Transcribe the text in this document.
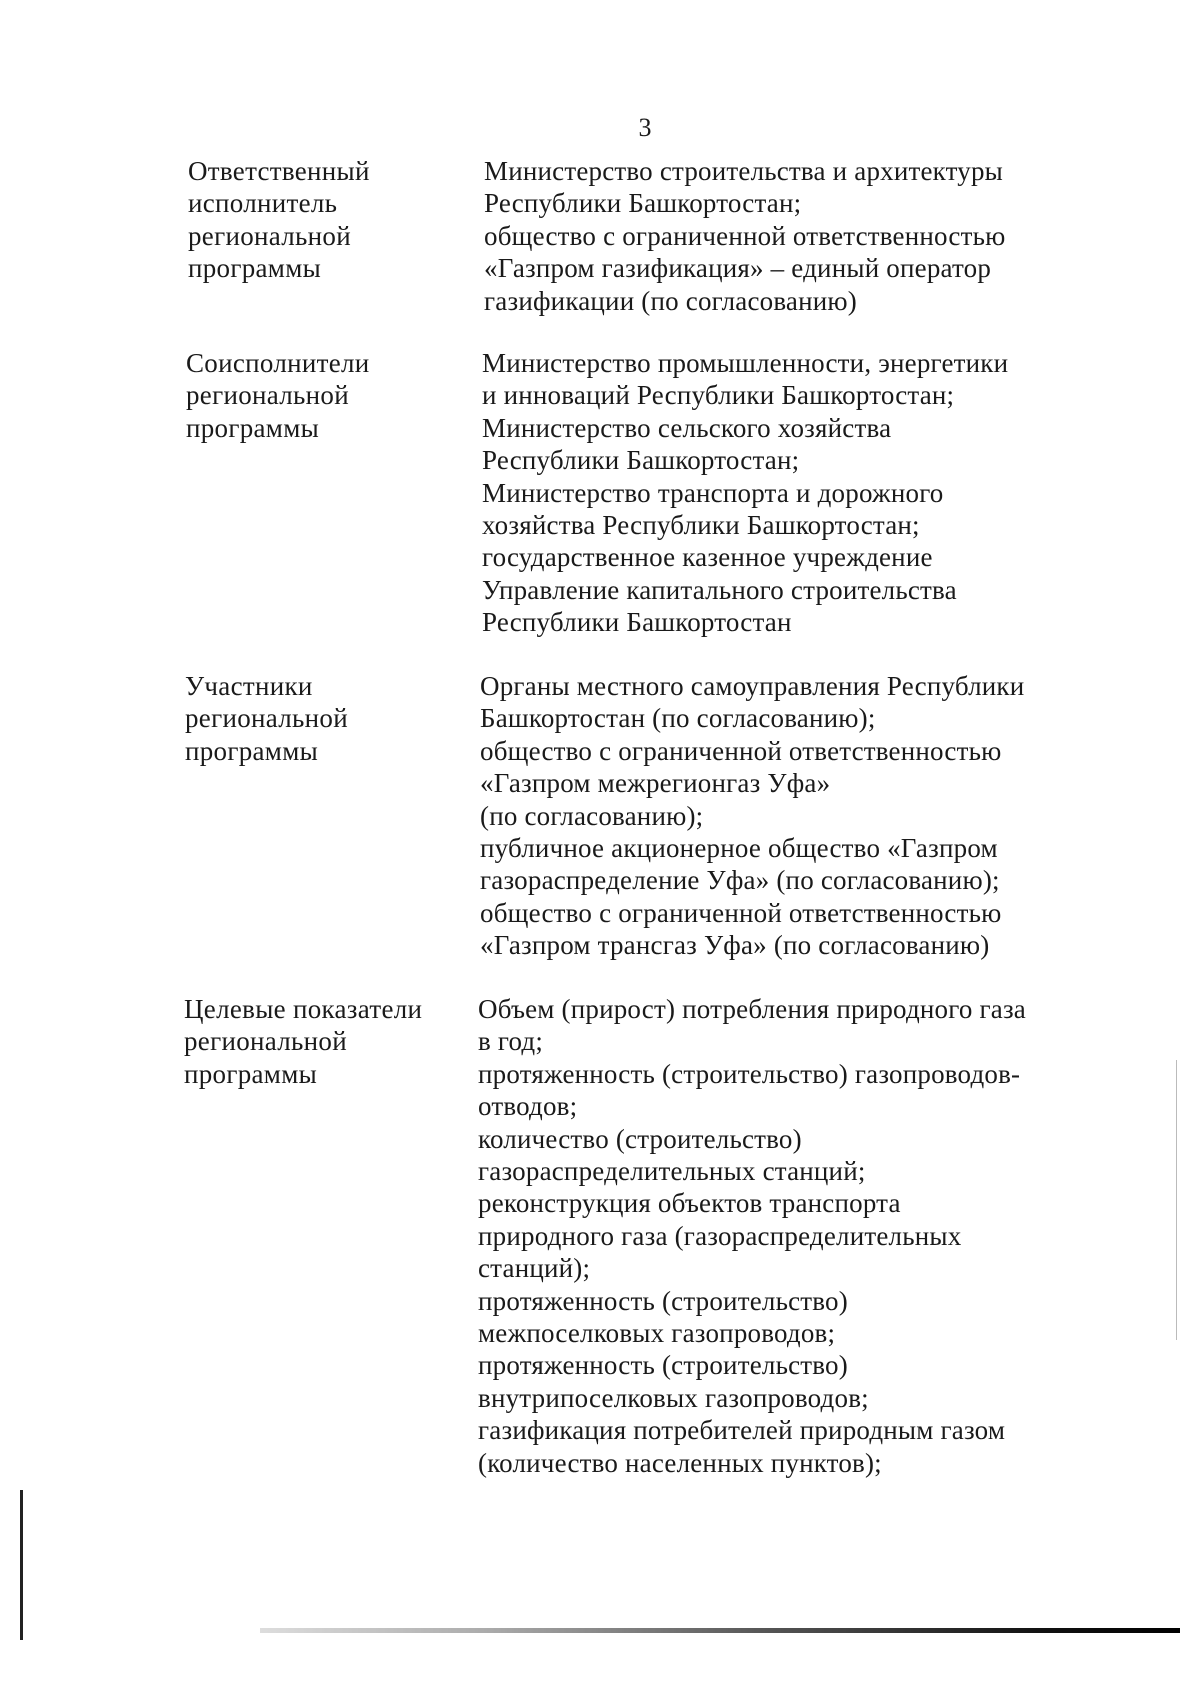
3
Ответственный
исполнитель
региональной
программы
Министерство строительства и архитектуры
Республики Башкортостан;
общество с ограниченной ответственностью
«Газпром газификация» – единый оператор
газификации (по согласованию)
Соисполнители
региональной
программы
Министерство промышленности, энергетики
и инноваций Республики Башкортостан;
Министерство сельского хозяйства
Республики Башкортостан;
Министерство транспорта и дорожного
хозяйства Республики Башкортостан;
государственное казенное учреждение
Управление капитального строительства
Республики Башкортостан
Участники
региональной
программы
Органы местного самоуправления Республики
Башкортостан (по согласованию);
общество с ограниченной ответственностью
«Газпром межрегионгаз Уфа»
(по согласованию);
публичное акционерное общество «Газпром
газораспределение Уфа» (по согласованию);
общество с ограниченной ответственностью
«Газпром трансгаз Уфа» (по согласованию)
Целевые показатели
региональной
программы
Объем (прирост) потребления природного газа
в год;
протяженность (строительство) газопроводов-
отводов;
количество (строительство)
газораспределительных станций;
реконструкция объектов транспорта
природного газа (газораспределительных
станций);
протяженность (строительство)
межпоселковых газопроводов;
протяженность (строительство)
внутрипоселковых газопроводов;
газификация потребителей природным газом
(количество населенных пунктов);
